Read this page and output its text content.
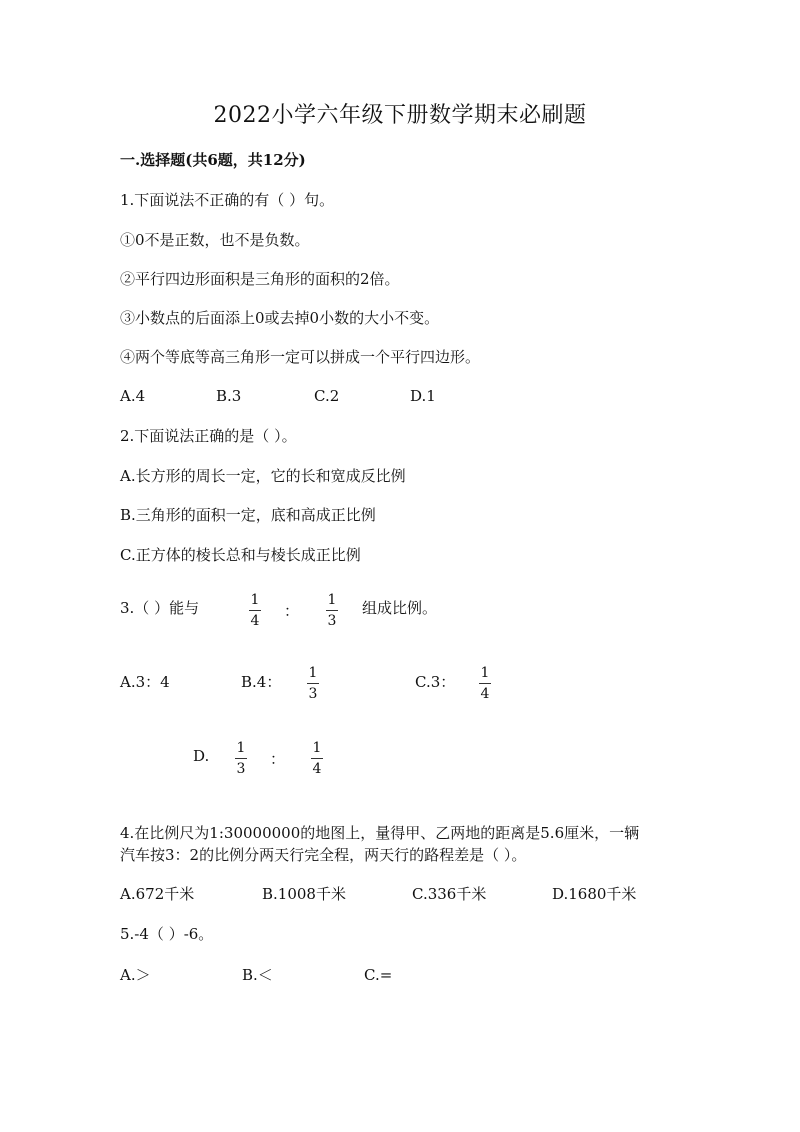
2022小学六年级下册数学期末必刷题
一.选择题(共6题，共12分)
1.下面说法不正确的有（ ）句。
①0不是正数，也不是负数。
②平行四边形面积是三角形的面积的2倍。
③小数点的后面添上0或去掉0小数的大小不变。
④两个等底等高三角形一定可以拼成一个平行四边形。
A.4	B.3	C.2	D.1
2.下面说法正确的是（ ）。
A.长方形的周长一定，它的长和宽成反比例
B.三角形的面积一定，底和高成正比例
C.正方体的棱长总和与棱长成正比例
3.（ ）能与	1
4
：
1
3
组成比例。
A.3：4	B.4： 1
3
C.3： 1
4
D. 1
3
：
1
4
4.在比例尺为1:30000000的地图上，量得甲、乙两地的距离是5.6厘米，一辆
汽车按3：2的比例分两天行完全程，两天行的路程差是（ ）。
A.672千米	B.1008千米	C.336千米	D.1680千米
5.-4（ ）-6。
A.＞	B.＜	C.=
